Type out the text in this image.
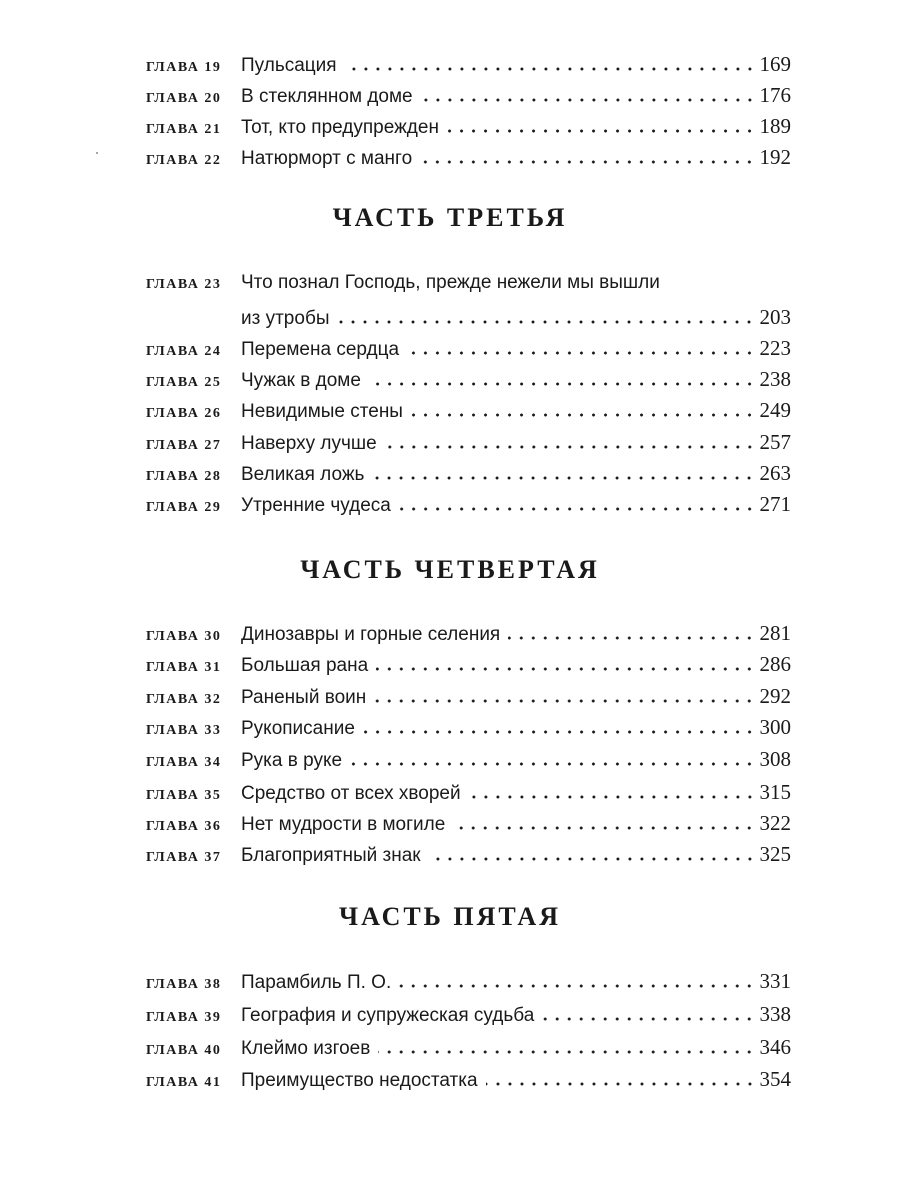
ГЛАВА 19	Пульсация	169
ГЛАВА 20	В стеклянном доме	176
ГЛАВА 21	Тот, кто предупрежден	189
ГЛАВА 22	Натюрморт с манго	192
ЧАСТЬ ТРЕТЬЯ
ГЛАВА 23	Что познал Господь, прежде нежели мы вышли
из утробы	203
ГЛАВА 24	Перемена сердца	223
ГЛАВА 25	Чужак в доме	238
ГЛАВА 26	Невидимые стены	249
ГЛАВА 27	Наверху лучше	257
ГЛАВА 28	Великая ложь	263
ГЛАВА 29	Утренние чудеса	271
ЧАСТЬ ЧЕТВЕРТАЯ
ГЛАВА 30	Динозавры и горные селения	281
ГЛАВА 31	Большая рана	286
ГЛАВА 32	Раненый воин	292
ГЛАВА 33	Рукописание	300
ГЛАВА 34	Рука в руке	308
ГЛАВА 35	Средство от всех хворей	315
ГЛАВА 36	Нет мудрости в могиле	322
ГЛАВА 37	Благоприятный знак	325
ЧАСТЬ ПЯТАЯ
ГЛАВА 38	Парамбиль П. О.	331
ГЛАВА 39	География и супружеская судьба	338
ГЛАВА 40	Клеймо изгоев	346
ГЛАВА 41	Преимущество недостатка	354
